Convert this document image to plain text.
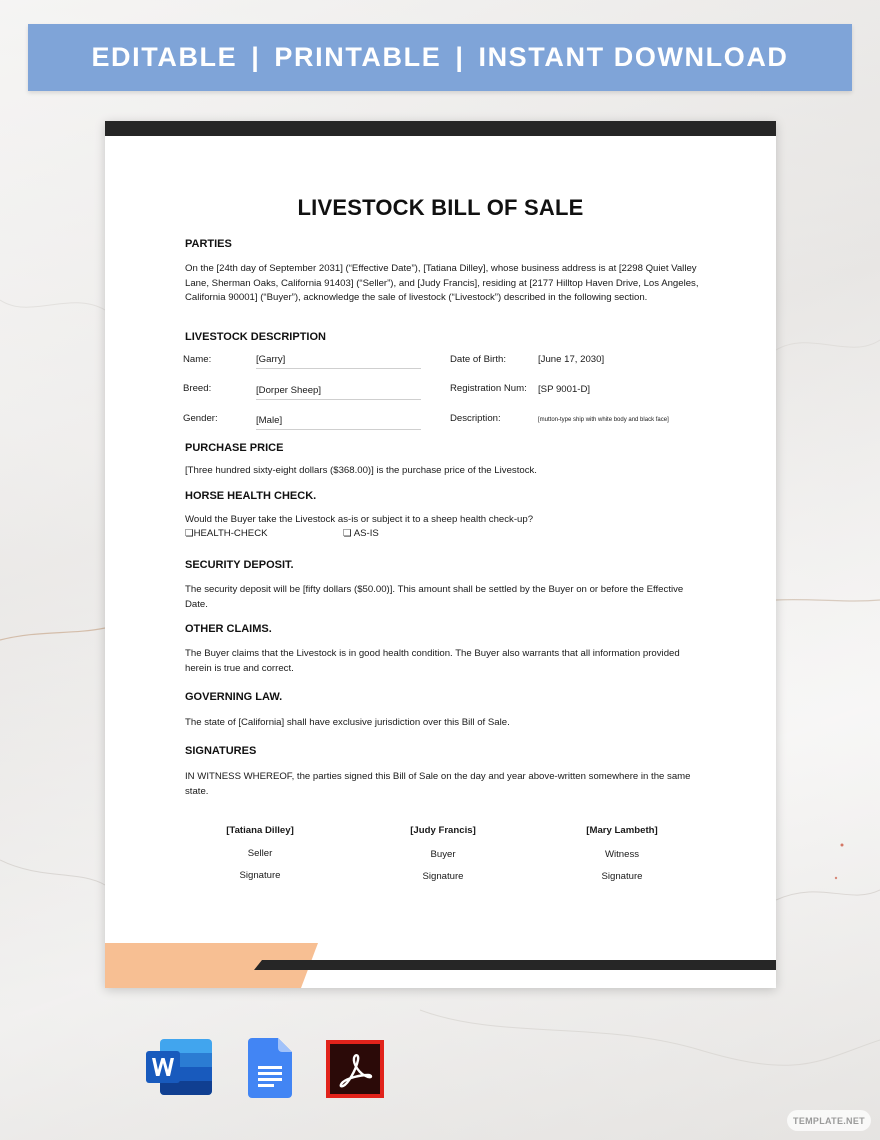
EDITABLE | PRINTABLE | INSTANT DOWNLOAD
LIVESTOCK BILL OF SALE
PARTIES
On the [24th day of September 2031] (“Effective Date”), [Tatiana Dilley], whose business address is at [2298 Quiet Valley Lane, Sherman Oaks, California 91403] (“Seller”), and [Judy Francis], residing at [2177 Hilltop Haven Drive, Los Angeles, California 90001] (“Buyer”), acknowledge the sale of livestock (“Livestock”) described in the following section.
LIVESTOCK DESCRIPTION
Name:	[Garry]	Date of Birth:	[June 17, 2030]
Breed:	[Dorper Sheep]	Registration Num: [SP 9001-D]
Gender:	[Male]	Description:	[mutton-type ship with white body and black face]
PURCHASE PRICE
[Three hundred sixty-eight dollars ($368.00)] is the purchase price of the Livestock.
HORSE HEALTH CHECK.
Would the Buyer take the Livestock as-is or subject it to a sheep health check-up?
❏HEALTH-CHECK	❏ AS-IS
SECURITY DEPOSIT.
The security deposit will be [fifty dollars ($50.00)]. This amount shall be settled by the Buyer on or before the Effective Date.
OTHER CLAIMS.
The Buyer claims that the Livestock is in good health condition. The Buyer also warrants that all information provided herein is true and correct.
GOVERNING LAW.
The state of [California] shall have exclusive jurisdiction over this Bill of Sale.
SIGNATURES
IN WITNESS WHEREOF, the parties signed this Bill of Sale on the day and year above-written somewhere in the same state.
[Tatiana Dilley]
Seller
Signature
[Judy Francis]
Buyer
Signature
[Mary Lambeth]
Witness
Signature
TEMPLATE.NET
